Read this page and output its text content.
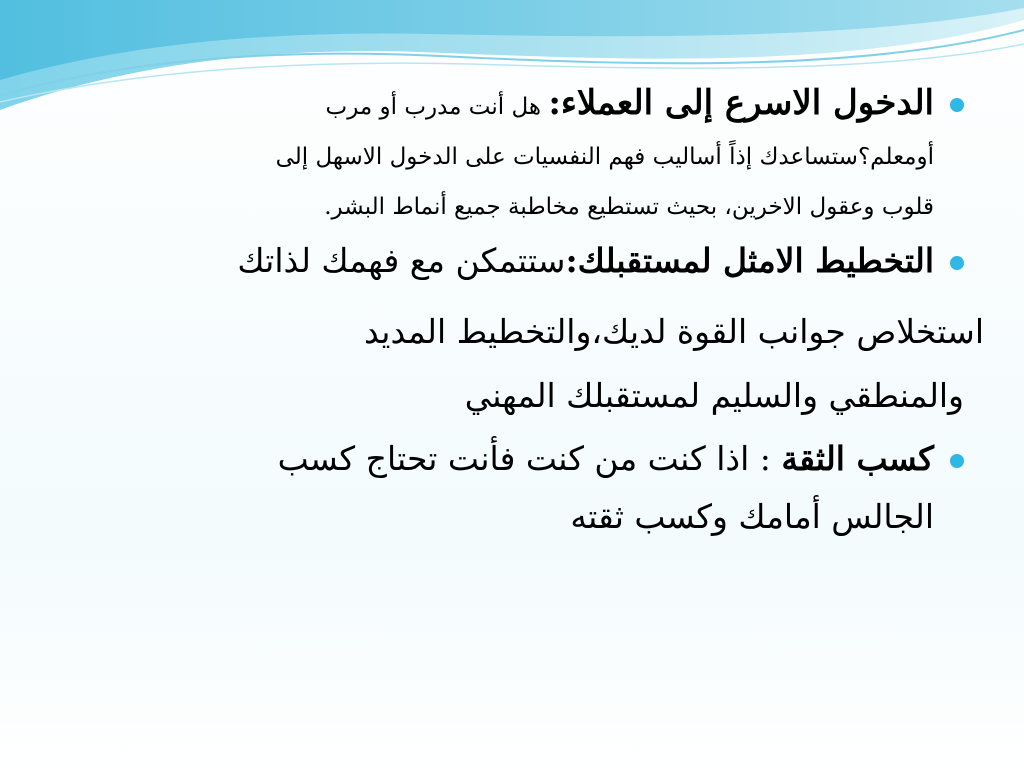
الدخول الاسرع إلى العملاء: هل أنت مدرب أو مرب
أومعلم؟ستساعدك إذاً أساليب فهم النفسيات على الدخول الاسهل إلى
قلوب وعقول الاخرين، بحيث تستطيع مخاطبة جميع أنماط البشر.
التخطيط الامثل لمستقبلك:ستتمكن مع فهمك لذاتك
استخلاص جوانب القوة لديك،والتخطيط المديد
والمنطقي والسليم لمستقبلك المهني
كسب الثقة : اذا كنت من كنت فأنت تحتاج كسب
الجالس أمامك وكسب ثقته
